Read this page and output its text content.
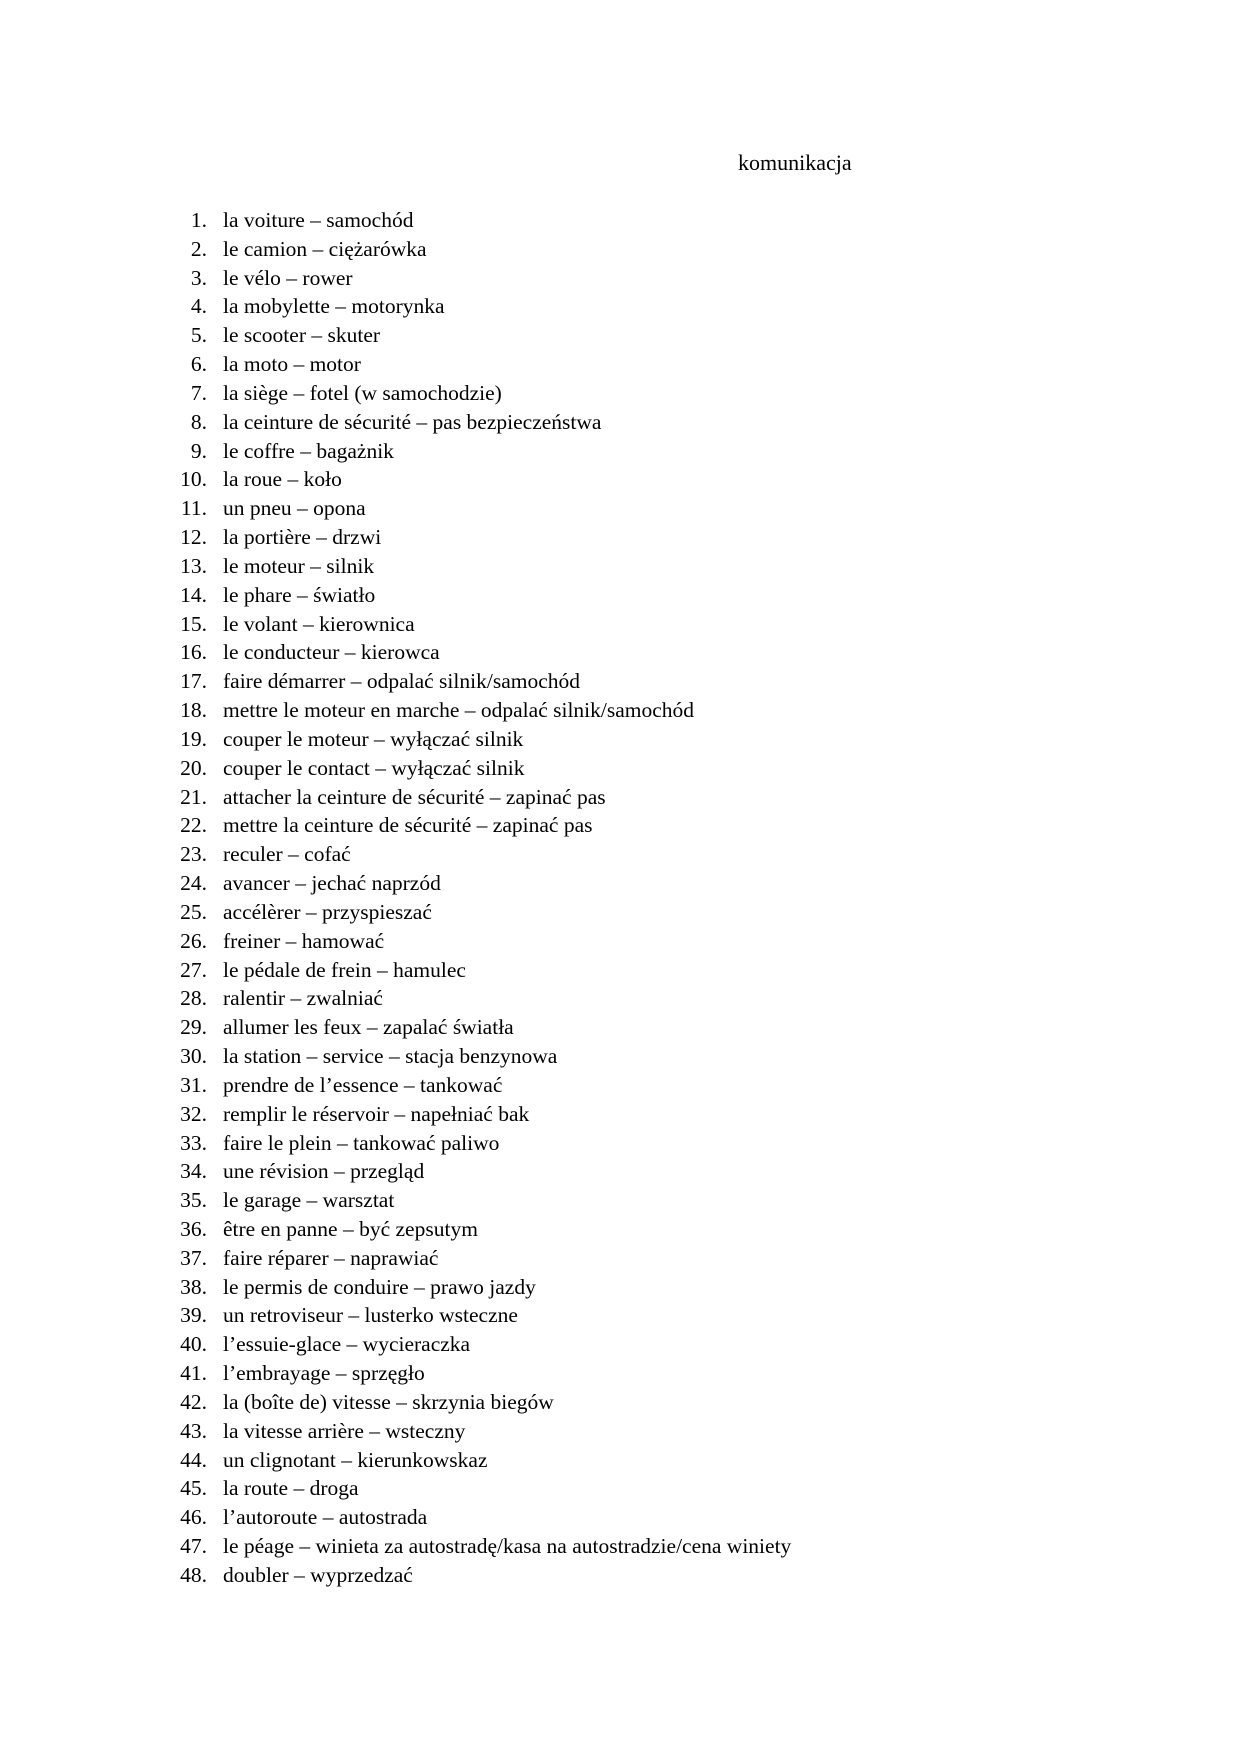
komunikacja
1. la voiture – samochód
2. le camion – ciężarówka
3. le vélo – rower
4. la mobylette – motorynka
5. le scooter – skuter
6. la moto – motor
7. la siège – fotel (w samochodzie)
8. la ceinture de sécurité – pas bezpieczeństwa
9. le coffre – bagażnik
10. la roue – koło
11. un pneu – opona
12. la portière – drzwi
13. le moteur – silnik
14. le phare – światło
15. le volant – kierownica
16. le conducteur – kierowca
17. faire démarrer – odpalać silnik/samochód
18. mettre le moteur en marche – odpalać silnik/samochód
19. couper le moteur – wyłączać silnik
20. couper le contact – wyłączać silnik
21. attacher la ceinture de sécurité – zapinać pas
22. mettre la ceinture de sécurité – zapinać pas
23. reculer – cofać
24. avancer – jechać naprzód
25. accélèrer – przyspieszać
26. freiner – hamować
27. le pédale de frein – hamulec
28. ralentir – zwalniać
29. allumer les feux – zapalać światła
30. la station – service – stacja benzynowa
31. prendre de l’essence – tankować
32. remplir le réservoir – napełniać bak
33. faire le plein – tankować paliwo
34. une révision – przegląd
35. le garage – warsztat
36. être en panne – być zepsutym
37. faire réparer – naprawiać
38. le permis de conduire – prawo jazdy
39. un retroviseur – lusterko wsteczne
40. l’essuie-glace – wycieraczka
41. l’embrayage – sprzęgło
42. la (boîte de) vitesse – skrzynia biegów
43. la vitesse arrière – wsteczny
44. un clignotant – kierunkowskaz
45. la route – droga
46. l’autoroute – autostrada
47. le péage – winieta za autostradę/kasa na autostradzie/cena winiety
48. doubler – wyprzedzać
